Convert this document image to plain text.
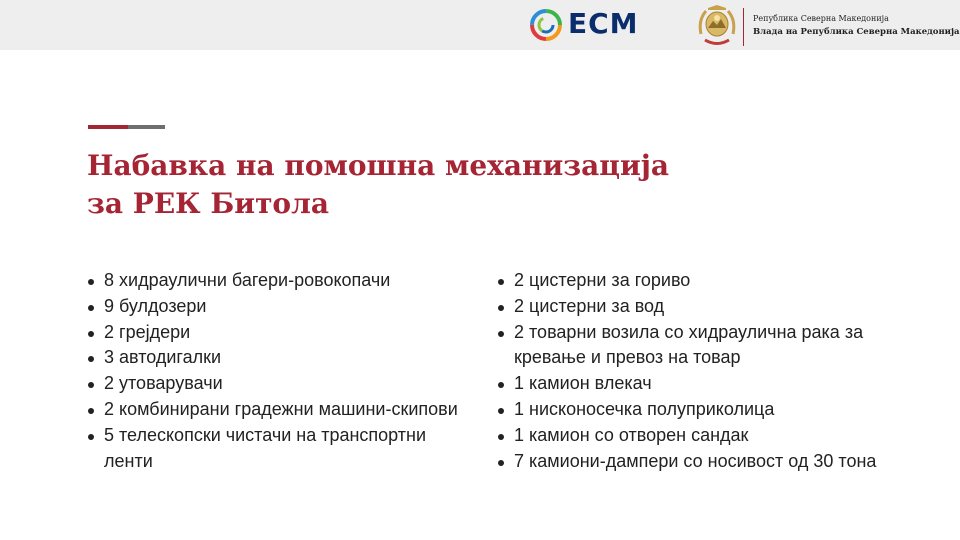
ECM	Република Северна Македонија
Влада на Република Северна Македонија
Набавка на помошна механизација
за РЕК Битола
8 хидраулични багери-ровокопачи
9 булдозери
2 грејдери
3 автодигалки
2 утоварувачи
2 комбинирани градежни машини-скипови
5 телескопски чистачи на транспортни ленти
2 цистерни за гориво
2 цистерни за вод
2 товарни возила со хидраулична рака за кревање и превоз на товар
1 камион влекач
1 нисконосечка полуприколица
1 камион со отворен сандак
7 камиони-дампери со носивост од 30 тона
